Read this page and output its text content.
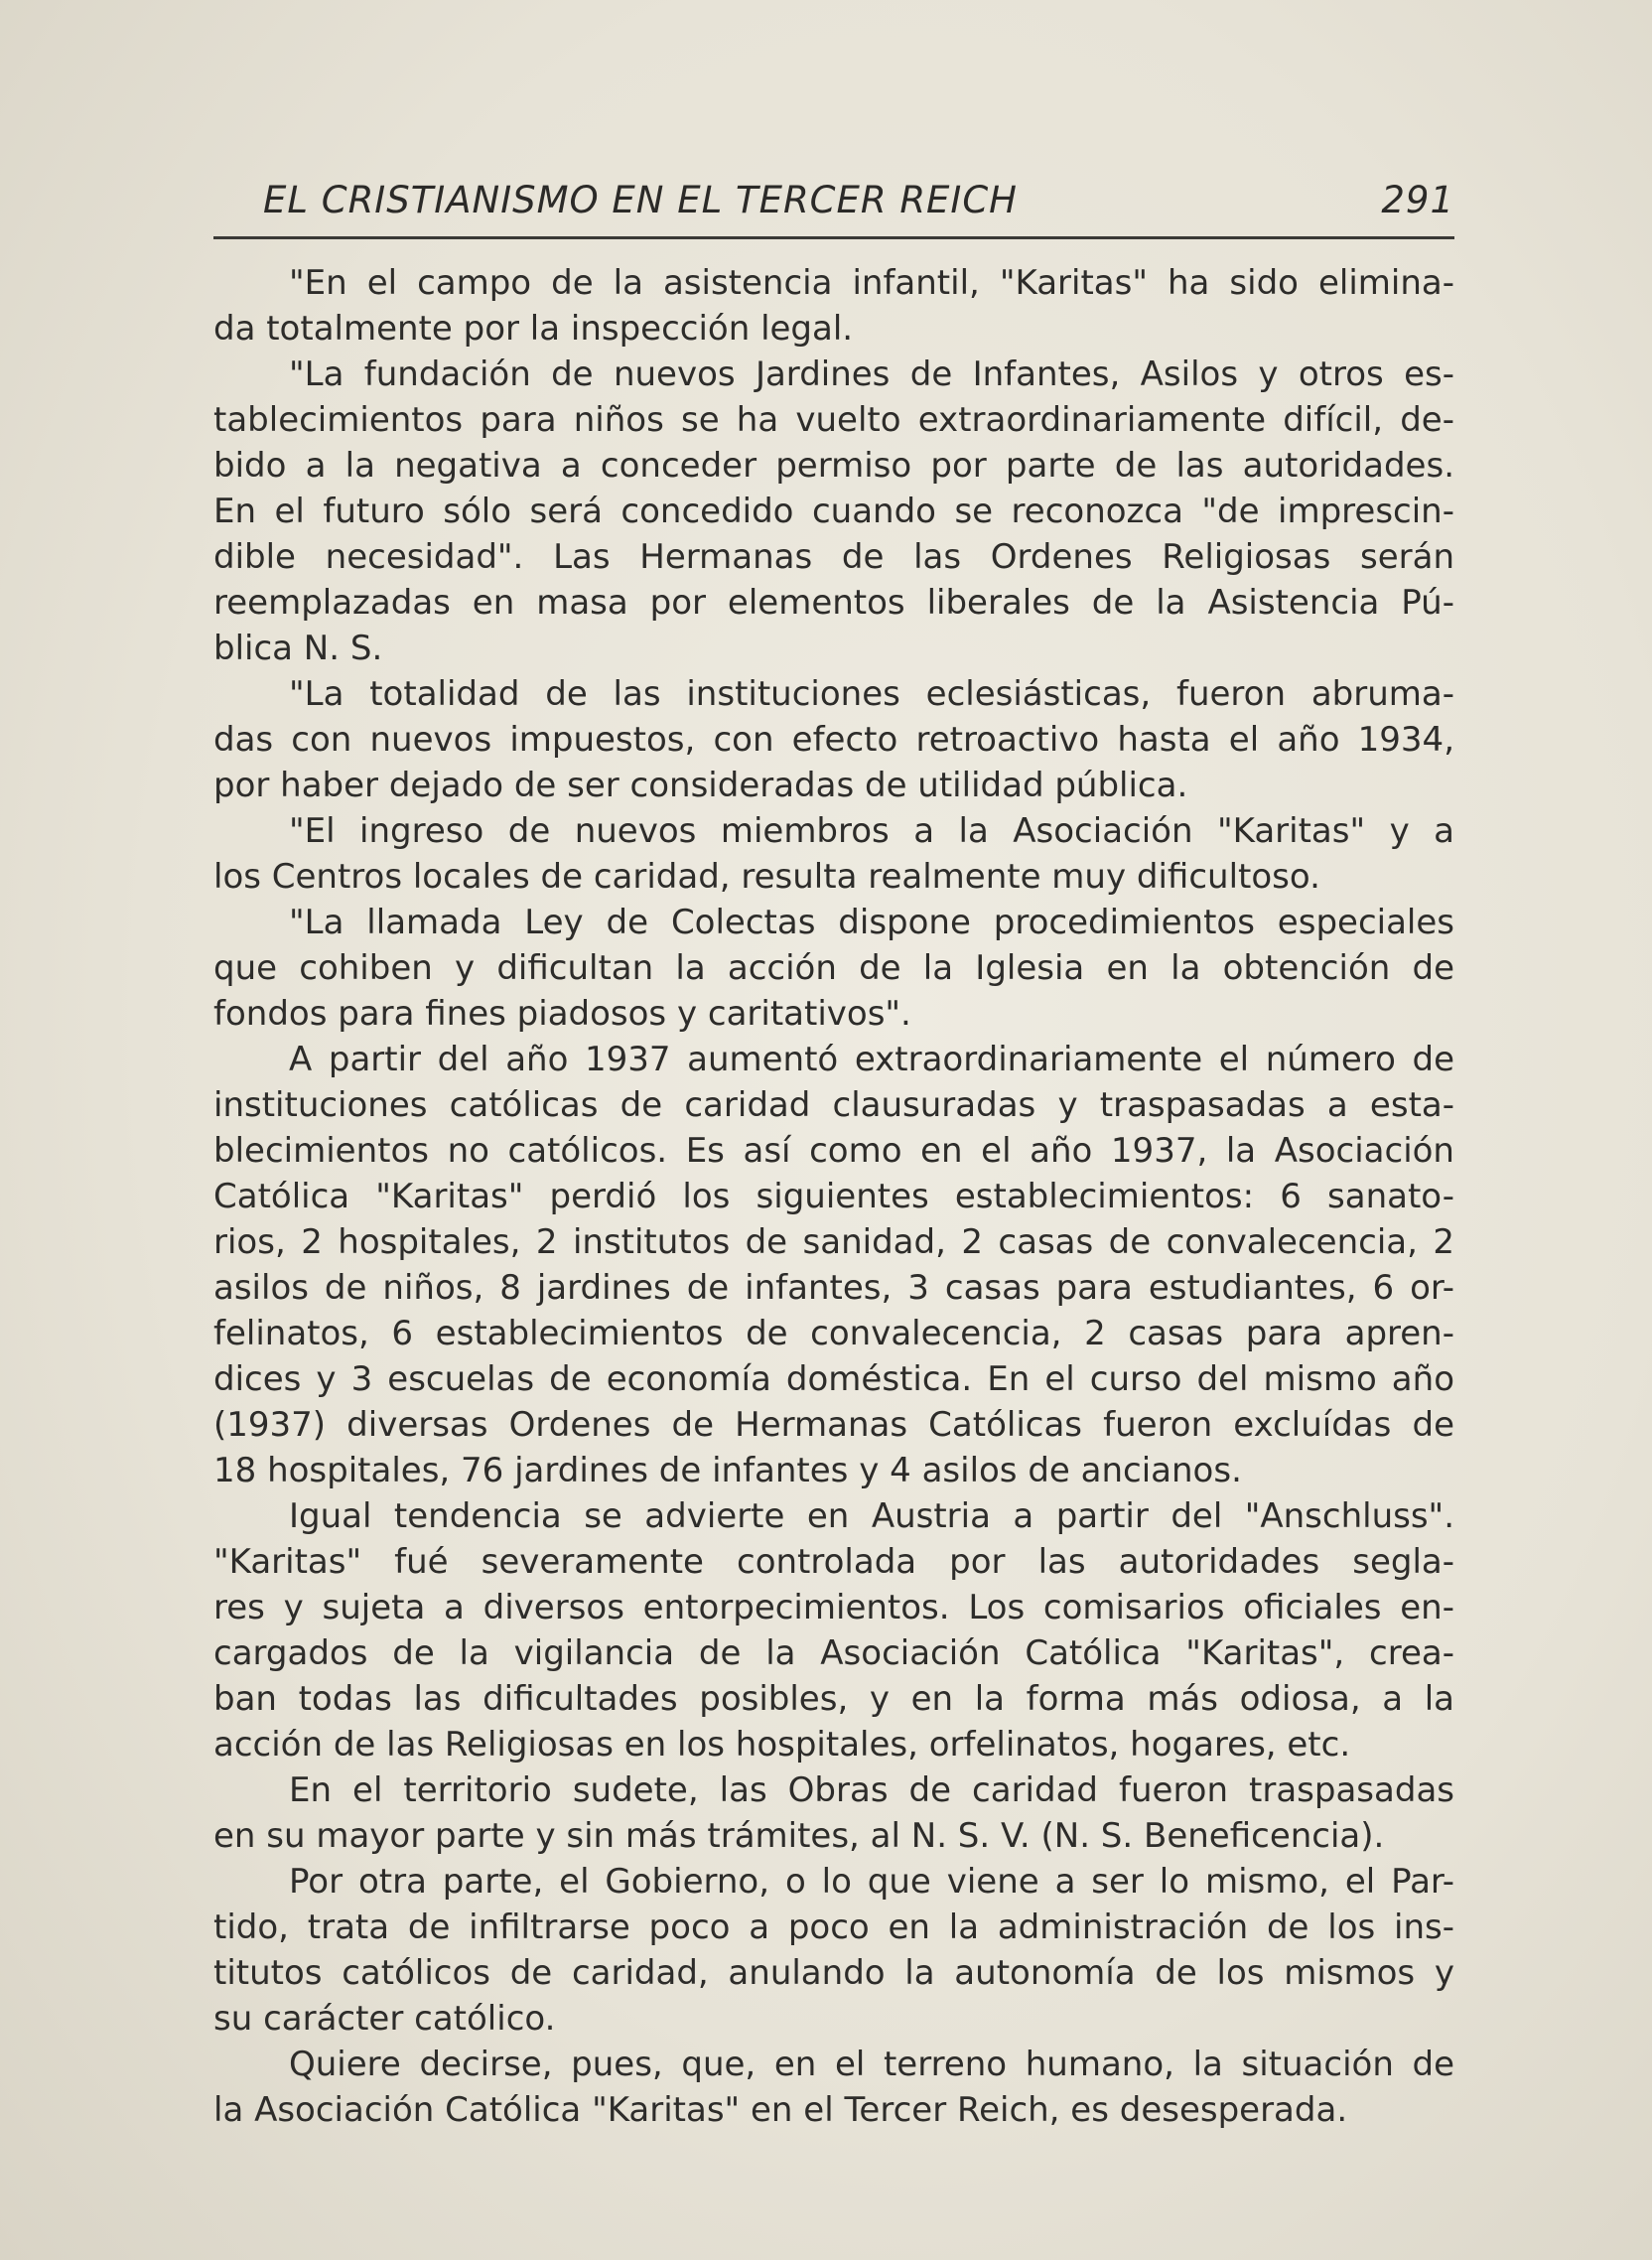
EL CRISTIANISMO EN EL TERCER REICH	291
"En el campo de la asistencia infantil, "Karitas" ha sido elimina-
da totalmente por la inspección legal.
"La fundación de nuevos Jardines de Infantes, Asilos y otros es-
tablecimientos para niños se ha vuelto extraordinariamente difícil, de-
bido a la negativa a conceder permiso por parte de las autoridades.
En el futuro sólo será concedido cuando se reconozca "de imprescin-
dible necesidad". Las Hermanas de las Ordenes Religiosas serán
reemplazadas en masa por elementos liberales de la Asistencia Pú-
blica N. S.
"La totalidad de las instituciones eclesiásticas, fueron abruma-
das con nuevos impuestos, con efecto retroactivo hasta el año 1934,
por haber dejado de ser consideradas de utilidad pública.
"El ingreso de nuevos miembros a la Asociación "Karitas" y a
los Centros locales de caridad, resulta realmente muy dificultoso.
"La llamada Ley de Colectas dispone procedimientos especiales
que cohiben y dificultan la acción de la Iglesia en la obtención de
fondos para fines piadosos y caritativos".
A partir del año 1937 aumentó extraordinariamente el número de
instituciones católicas de caridad clausuradas y traspasadas a esta-
blecimientos no católicos. Es así como en el año 1937, la Asociación
Católica "Karitas" perdió los siguientes establecimientos: 6 sanato-
rios, 2 hospitales, 2 institutos de sanidad, 2 casas de convalecencia, 2
asilos de niños, 8 jardines de infantes, 3 casas para estudiantes, 6 or-
felinatos, 6 establecimientos de convalecencia, 2 casas para apren-
dices y 3 escuelas de economía doméstica. En el curso del mismo año
(1937) diversas Ordenes de Hermanas Católicas fueron excluídas de
18 hospitales, 76 jardines de infantes y 4 asilos de ancianos.
Igual tendencia se advierte en Austria a partir del "Anschluss".
"Karitas" fué severamente controlada por las autoridades segla-
res y sujeta a diversos entorpecimientos. Los comisarios oficiales en-
cargados de la vigilancia de la Asociación Católica "Karitas", crea-
ban todas las dificultades posibles, y en la forma más odiosa, a la
acción de las Religiosas en los hospitales, orfelinatos, hogares, etc.
En el territorio sudete, las Obras de caridad fueron traspasadas
en su mayor parte y sin más trámites, al N. S. V. (N. S. Beneficencia).
Por otra parte, el Gobierno, o lo que viene a ser lo mismo, el Par-
tido, trata de infiltrarse poco a poco en la administración de los ins-
titutos católicos de caridad, anulando la autonomía de los mismos y
su carácter católico.
Quiere decirse, pues, que, en el terreno humano, la situación de
la Asociación Católica "Karitas" en el Tercer Reich, es desesperada.
